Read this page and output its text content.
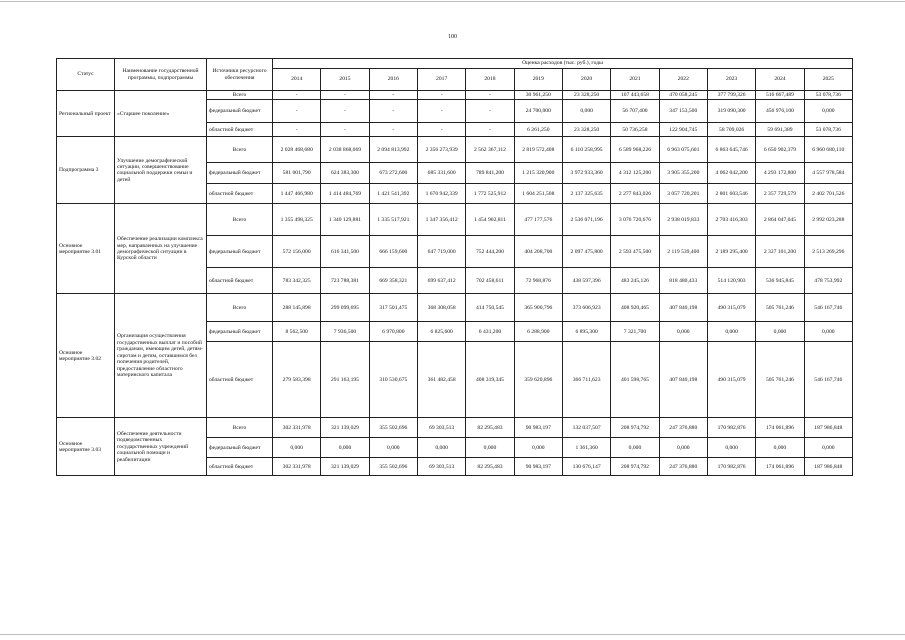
100
Статус	Наименование государственной программы, подпрограммы	Источники ресурсного обеспечения	Оценка расходов (тыс. руб.), годы											
			2014	2015	2016	2017	2018	2019	2020	2021	2022	2023	2024	2025
Региональный проект	«Старшее поколение»	Всего	-	-	-	-	-	30 961,250	23 328,250	107 443,658	470 058,245	377 799,326	516 667,489	53 078,736
		федеральный бюджет	-	-	-	-	-	24 700,000	0,000	56 707,400	347 153,500	319 090,300	456 976,100	0,000
		областной бюджет	-	-	-	-	-	6 261,250	23 328,250	50 736,258	122 904,745	58 709,026	59 691,389	53 078,736
Подпрограмма 3	Улучшение демографической ситуации, совершенствование социальной поддержки семьи и детей	Всего	2 028 468,680	2 038 868,069	2 094 813,992	2 356 273,939	2 562 367,112	2 819 572,408	6 110 258,995	6 589 968,226	6 963 075,601	6 863 645,746	6 650 902,379	6 960 680,110
		федеральный бюджет	581 001,790	624 383,300	673 272,600	685 331,600	789 841,200	1 215 320,900	3 972 933,360	4 312 125,200	3 905 355,200	4 062 042,200	4 293 172,800	4 557 978,584
		областной бюджет	1 447 466,980	1 414 484,769	1 421 541,392	1 670 942,339	1 772 525,912	1 604 251,508	2 137 325,635	2 277 843,026	3 057 720,201	2 801 603,546	2 357 729,579	2 402 701,526
Основное мероприятие 3.01	Обеспечение реализации комплекса мер, направленных на улучшение демографической ситуации в Курской области	Всего	1 355 498,325	1 340 129,881	1 335 517,921	1 347 356,412	1 454 902,811	477 177,576	2 536 071,196	3 076 720,676	2 938 019,833	2 703 416,303	2 864 047,045	2 992 023,288
		федеральный бюджет	572 156,000	616 341,500	666 159,600	647 719,000	752 444,200	404 208,700	2 097 475,800	2 593 475,500	2 119 539,400	2 189 295,400	2 327 101,200	2 513 269,296
		областной бюджет	783 342,325	723 788,381	669 358,321	699 637,412	702 458,611	72 968,876	438 597,396	483 245,126	818 480,433	514 120,903	536 945,845	478 753,992
Основное мероприятие 3.02	Организация осуществления государственных выплат и пособий гражданам, имеющим детей, детям-сиротам и детям, оставшимся без попечения родителей, предоставление областного материнского капитала	Всего	288 145,898	299 099,695	317 501,475	368 308,058	414 750,545	365 900,796	373 606,923	408 920,465	407 840,198	490 315,079	505 761,246	546 167,746
		федеральный бюджет	8 562,500	7 936,500	6 970,800	6 825,600	6 431,200	6 288,900	6 895,300	7 321,700	0,000	0,000	0,000	0,000
		областной бюджет	279 583,398	291 163,195	310 530,675	361 482,458	408 319,345	359 620,896	366 711,623	401 598,765	407 840,198	490 315,079	505 761,246	546 167,746
Основное мероприятие 3.03	Обеспечение деятельности подведомственных государственных учреждений социальной помощи и реабилитации	Всего	302 331,978	321 139,029	355 502,696	69 303,513	82 295,483	90 983,197	132 037,507	208 974,792	247 376,880	170 982,876	174 061,896	187 986,848
		федеральный бюджет	0,000	0,000	0,000	0,000	0,000	0,000	1 361,360	0,000	0,000	0,000	0,000	0,000
		областной бюджет	302 331,978	321 139,029	355 502,696	69 303,513	82 295,483	90 983,197	130 676,147	208 974,792	247 376,880	170 982,876	174 061,896	187 986,848
